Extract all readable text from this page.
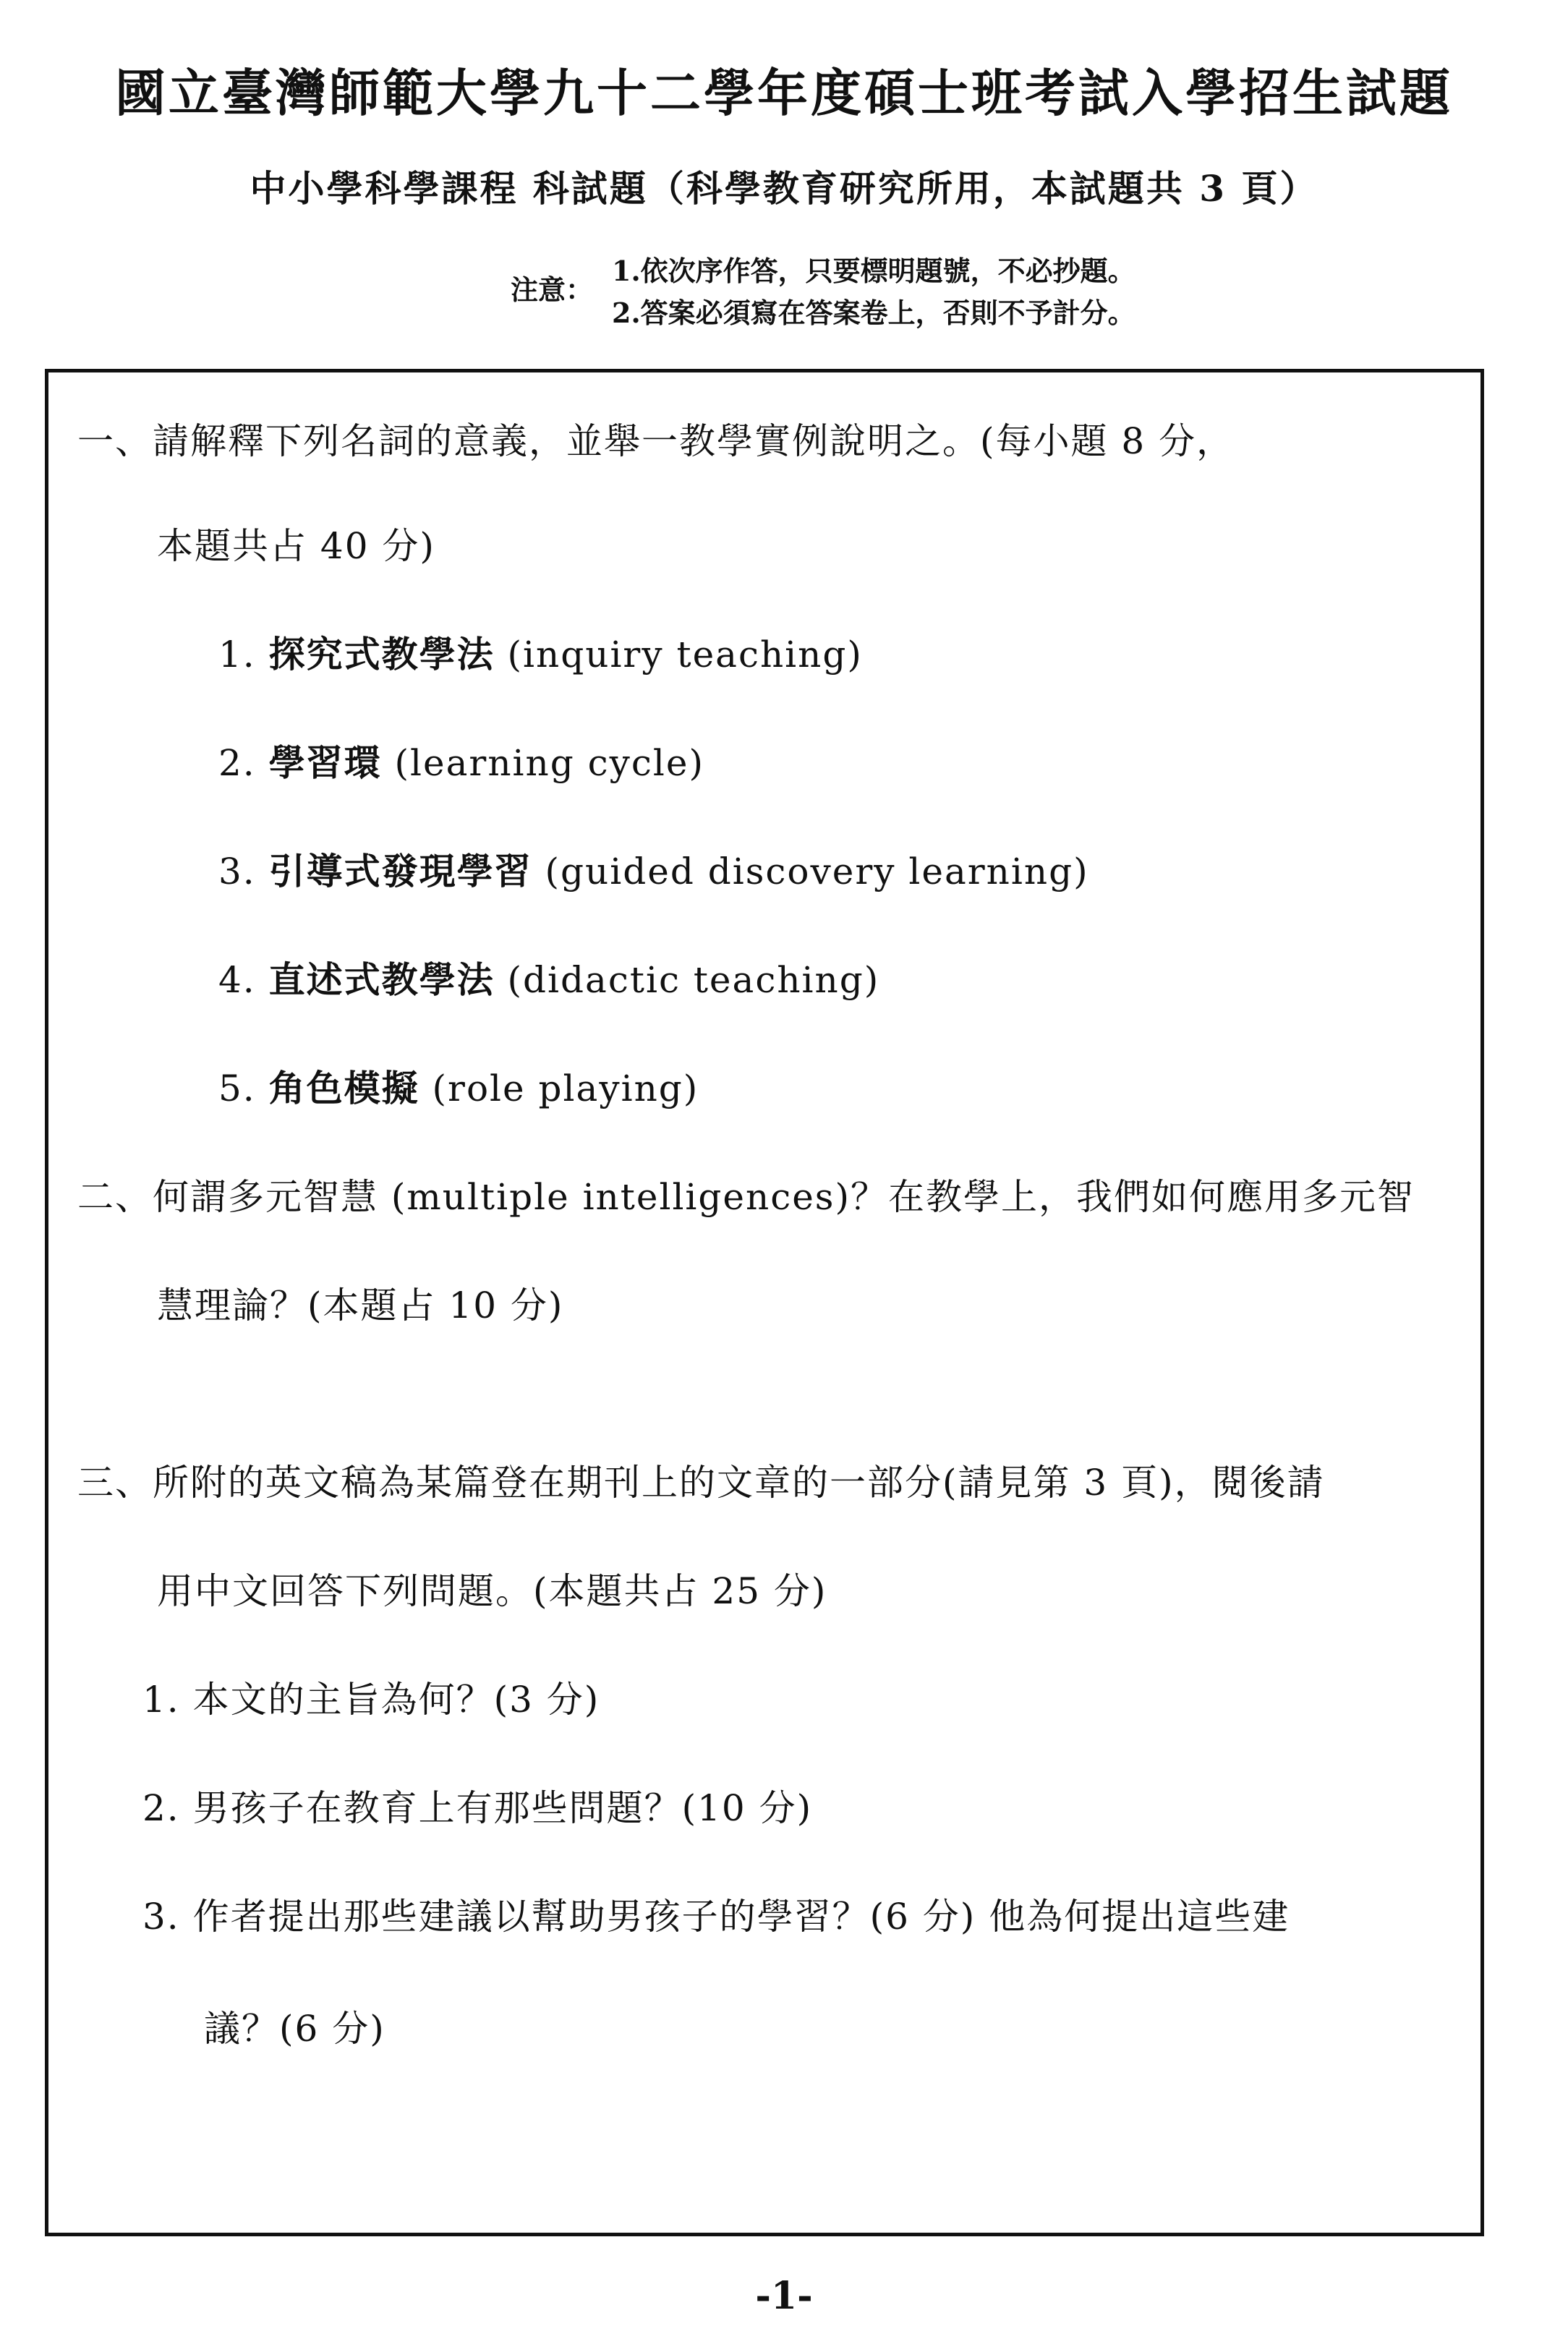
國立臺灣師範大學九十二學年度碩士班考試入學招生試題
中小學科學課程 科試題（科學教育研究所用，本試題共 3 頁）
注意：
1.依次序作答，只要標明題號，不必抄題。
2.答案必須寫在答案卷上，否則不予計分。
一、請解釋下列名詞的意義，並舉一教學實例說明之。(每小題 8 分，
本題共占 40 分)
1. 探究式教學法 (inquiry teaching)
2. 學習環 (learning cycle)
3. 引導式發現學習 (guided discovery learning)
4. 直述式教學法 (didactic teaching)
5. 角色模擬 (role playing)
二、何謂多元智慧 (multiple intelligences)？在教學上，我們如何應用多元智
慧理論？(本題占 10 分)
三、所附的英文稿為某篇登在期刊上的文章的一部分(請見第 3 頁)，閱後請
用中文回答下列問題。(本題共占 25 分)
1. 本文的主旨為何？(3 分)
2. 男孩子在教育上有那些問題？(10 分)
3. 作者提出那些建議以幫助男孩子的學習？(6 分) 他為何提出這些建
議？(6 分)
-1-
